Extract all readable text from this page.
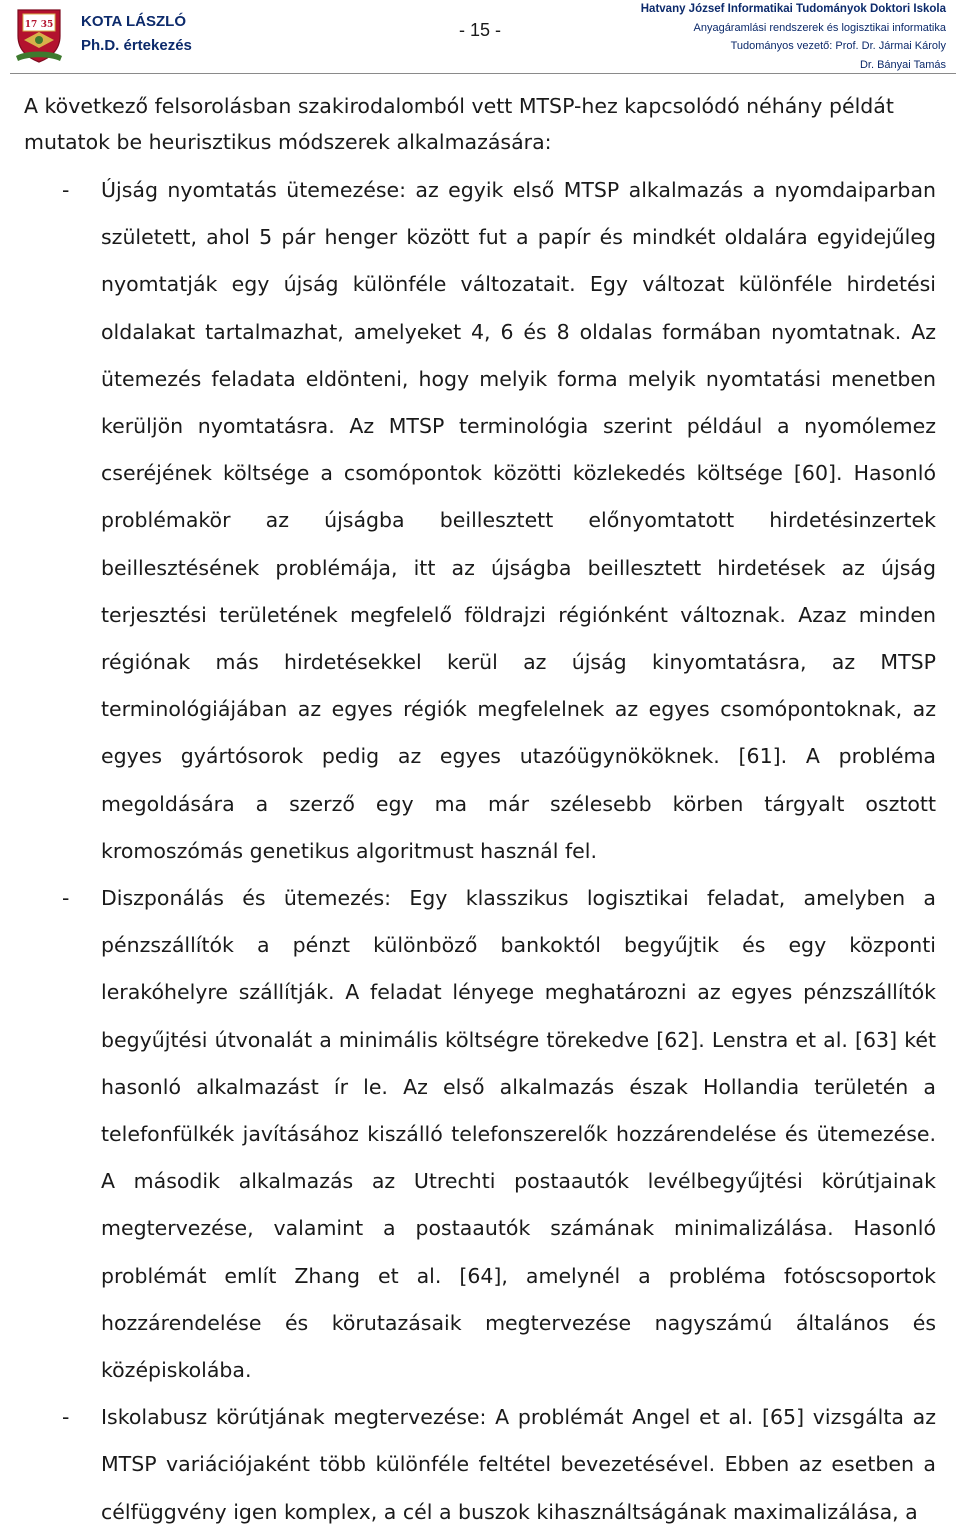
17 35 KOTA LÁSZLÓ
Ph.D. értekezés
- 15 -
Hatvany József Informatikai Tudományok Doktori Iskola
Anyagáramlási rendszerek és logisztikai informatika
Tudományos vezető: Prof. Dr. Jármai Károly
Dr. Bányai Tamás

A következő felsorolásban szakirodalomból vett MTSP-hez kapcsolódó néhány példát mutatok be heurisztikus módszerek alkalmazására:

- Újság nyomtatás ütemezése: az egyik első MTSP alkalmazás a nyomdaiparban született, ahol 5 pár henger között fut a papír és mindkét oldalára egyidejűleg nyomtatják egy újság különféle változatait. Egy változat különféle hirdetési oldalakat tartalmazhat, amelyeket 4, 6 és 8 oldalas formában nyomtatnak. Az ütemezés feladata eldönteni, hogy melyik forma melyik nyomtatási menetben kerüljön nyomtatásra. Az MTSP terminológia szerint például a nyomólemez cseréjének költsége a csomópontok közötti közlekedés költsége [60]. Hasonló problémakör az újságba beillesztett előnyomtatott hirdetésinzertek beillesztésének problémája, itt az újságba beillesztett hirdetések az újság terjesztési területének megfelelő földrajzi régiónként változnak. Azaz minden régiónak más hirdetésekkel kerül az újság kinyomtatásra, az MTSP terminológiájában az egyes régiók megfelelnek az egyes csomópontoknak, az egyes gyártósorok pedig az egyes utazóügynököknek. [61]. A probléma megoldására a szerző egy ma már szélesebb körben tárgyalt osztott kromoszómás genetikus algoritmust használ fel.
- Diszponálás és ütemezés: Egy klasszikus logisztikai feladat, amelyben a pénzszállítók a pénzt különböző bankoktól begyűjtik és egy központi lerakóhelyre szállítják. A feladat lényege meghatározni az egyes pénzszállítók begyűjtési útvonalát a minimális költségre törekedve [62]. Lenstra et al. [63] két hasonló alkalmazást ír le. Az első alkalmazás észak Hollandia területén a telefonfülkék javításához kiszálló telefonszerelők hozzárendelése és ütemezése. A második alkalmazás az Utrechti postaautók levélbegyűjtési körútjainak megtervezése, valamint a postaautók számának minimalizálása. Hasonló problémát említ Zhang et al. [64], amelynél a probléma fotóscsoportok hozzárendelése és körutazásaik megtervezése nagyszámú általános és középiskolába.
- Iskolabusz körútjának megtervezése: A problémát Angel et al. [65] vizsgálta az MTSP variációjaként több különféle feltétel bevezetésével. Ebben az esetben a célfüggvény igen komplex, a cél a buszok kihasználtságának maximalizálása, a
